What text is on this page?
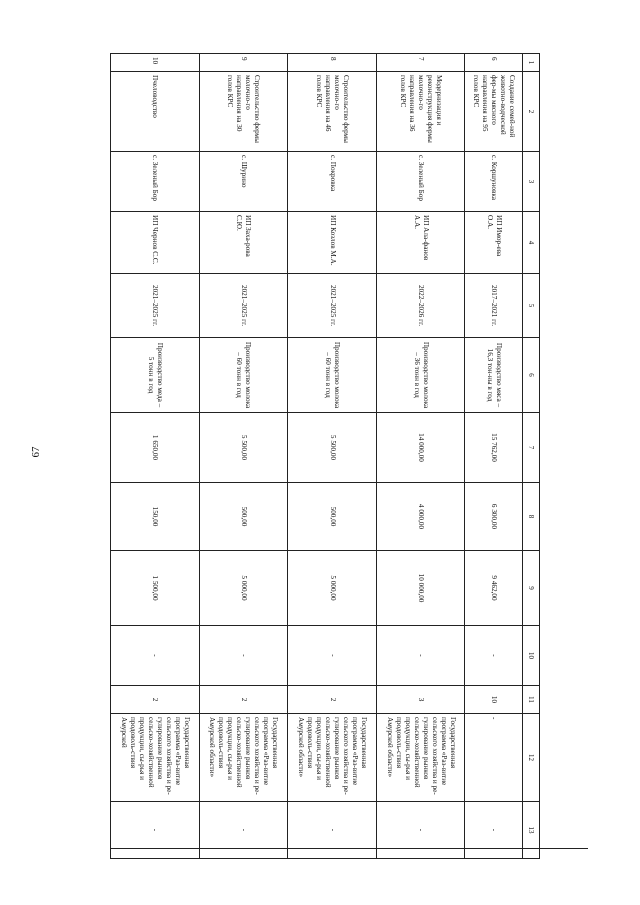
67
1	2	3	4	5	6	7	8	9	10	11	12	13
6	Создание семей-ной животно-водческой фер-мы мясного направления на 95 голов КРС	с. Коршуновка	ИП Имор-ева О.А.	2017–2021 гг.	Производство мяса – 16,3 тон-ны в год	15 762,00	6 300,00	9 462,00	-	10	-	-
7	Модернизация и реконструкция фермы молочно-го направления на 36 голов КРС	с. Зеленый Бор	ИП Ала-фанов А.А.	2022–2026 гг.	Производство молока – 36 тонн в год	14 000,00	4 000,00	10 000,00	-	3	Государственная программа «Раз-витие сельского хозяйства и ре-гулирование рынков сельско-хозяйственной продукции, сы-рья и продоволь-ствия Амурской области»	-
8	Строительство фермы молочно-го направления на 46 голов КРС	с. Покровка	ИП Козлов М.А.	2021–2025 гг.	Производство молока – 60 тонн в год	5 500,00	500,00	5 000,00	-	2	Государственная программа «Раз-витие сельского хозяйства и ре-гулирование рынков сельско-хозяйственной продукции, сы-рья и продоволь-ствия Амурской области»	-
9	Строительство фермы молочно-го направления на 30 голов КРС	с. Шурино	ИП Заха-рова С.Ю.	2021–2025 гг.	Производство молока – 60 тонн в год	5 500,00	500,00	5 000,00	-	2	Государственная программа «Раз-витие сельского хозяйства и ре-гулирование рынков сельско-хозяйственной продукции, сы-рья и продоволь-ствия Амурской области»	-
10	Пчеловодство	с. Зеленый Бор	ИП Чернов С.С.	2021–2025 гг.	Производство меда – 5 тонн в год	1 650,00	150,00	1 500,00	-	2	Государственная программа «Раз-витие сельского хозяйства и ре-гулирование рынков сельско-хозяйственной продукции, сы-рья и продоволь-ствия Амурской	-
